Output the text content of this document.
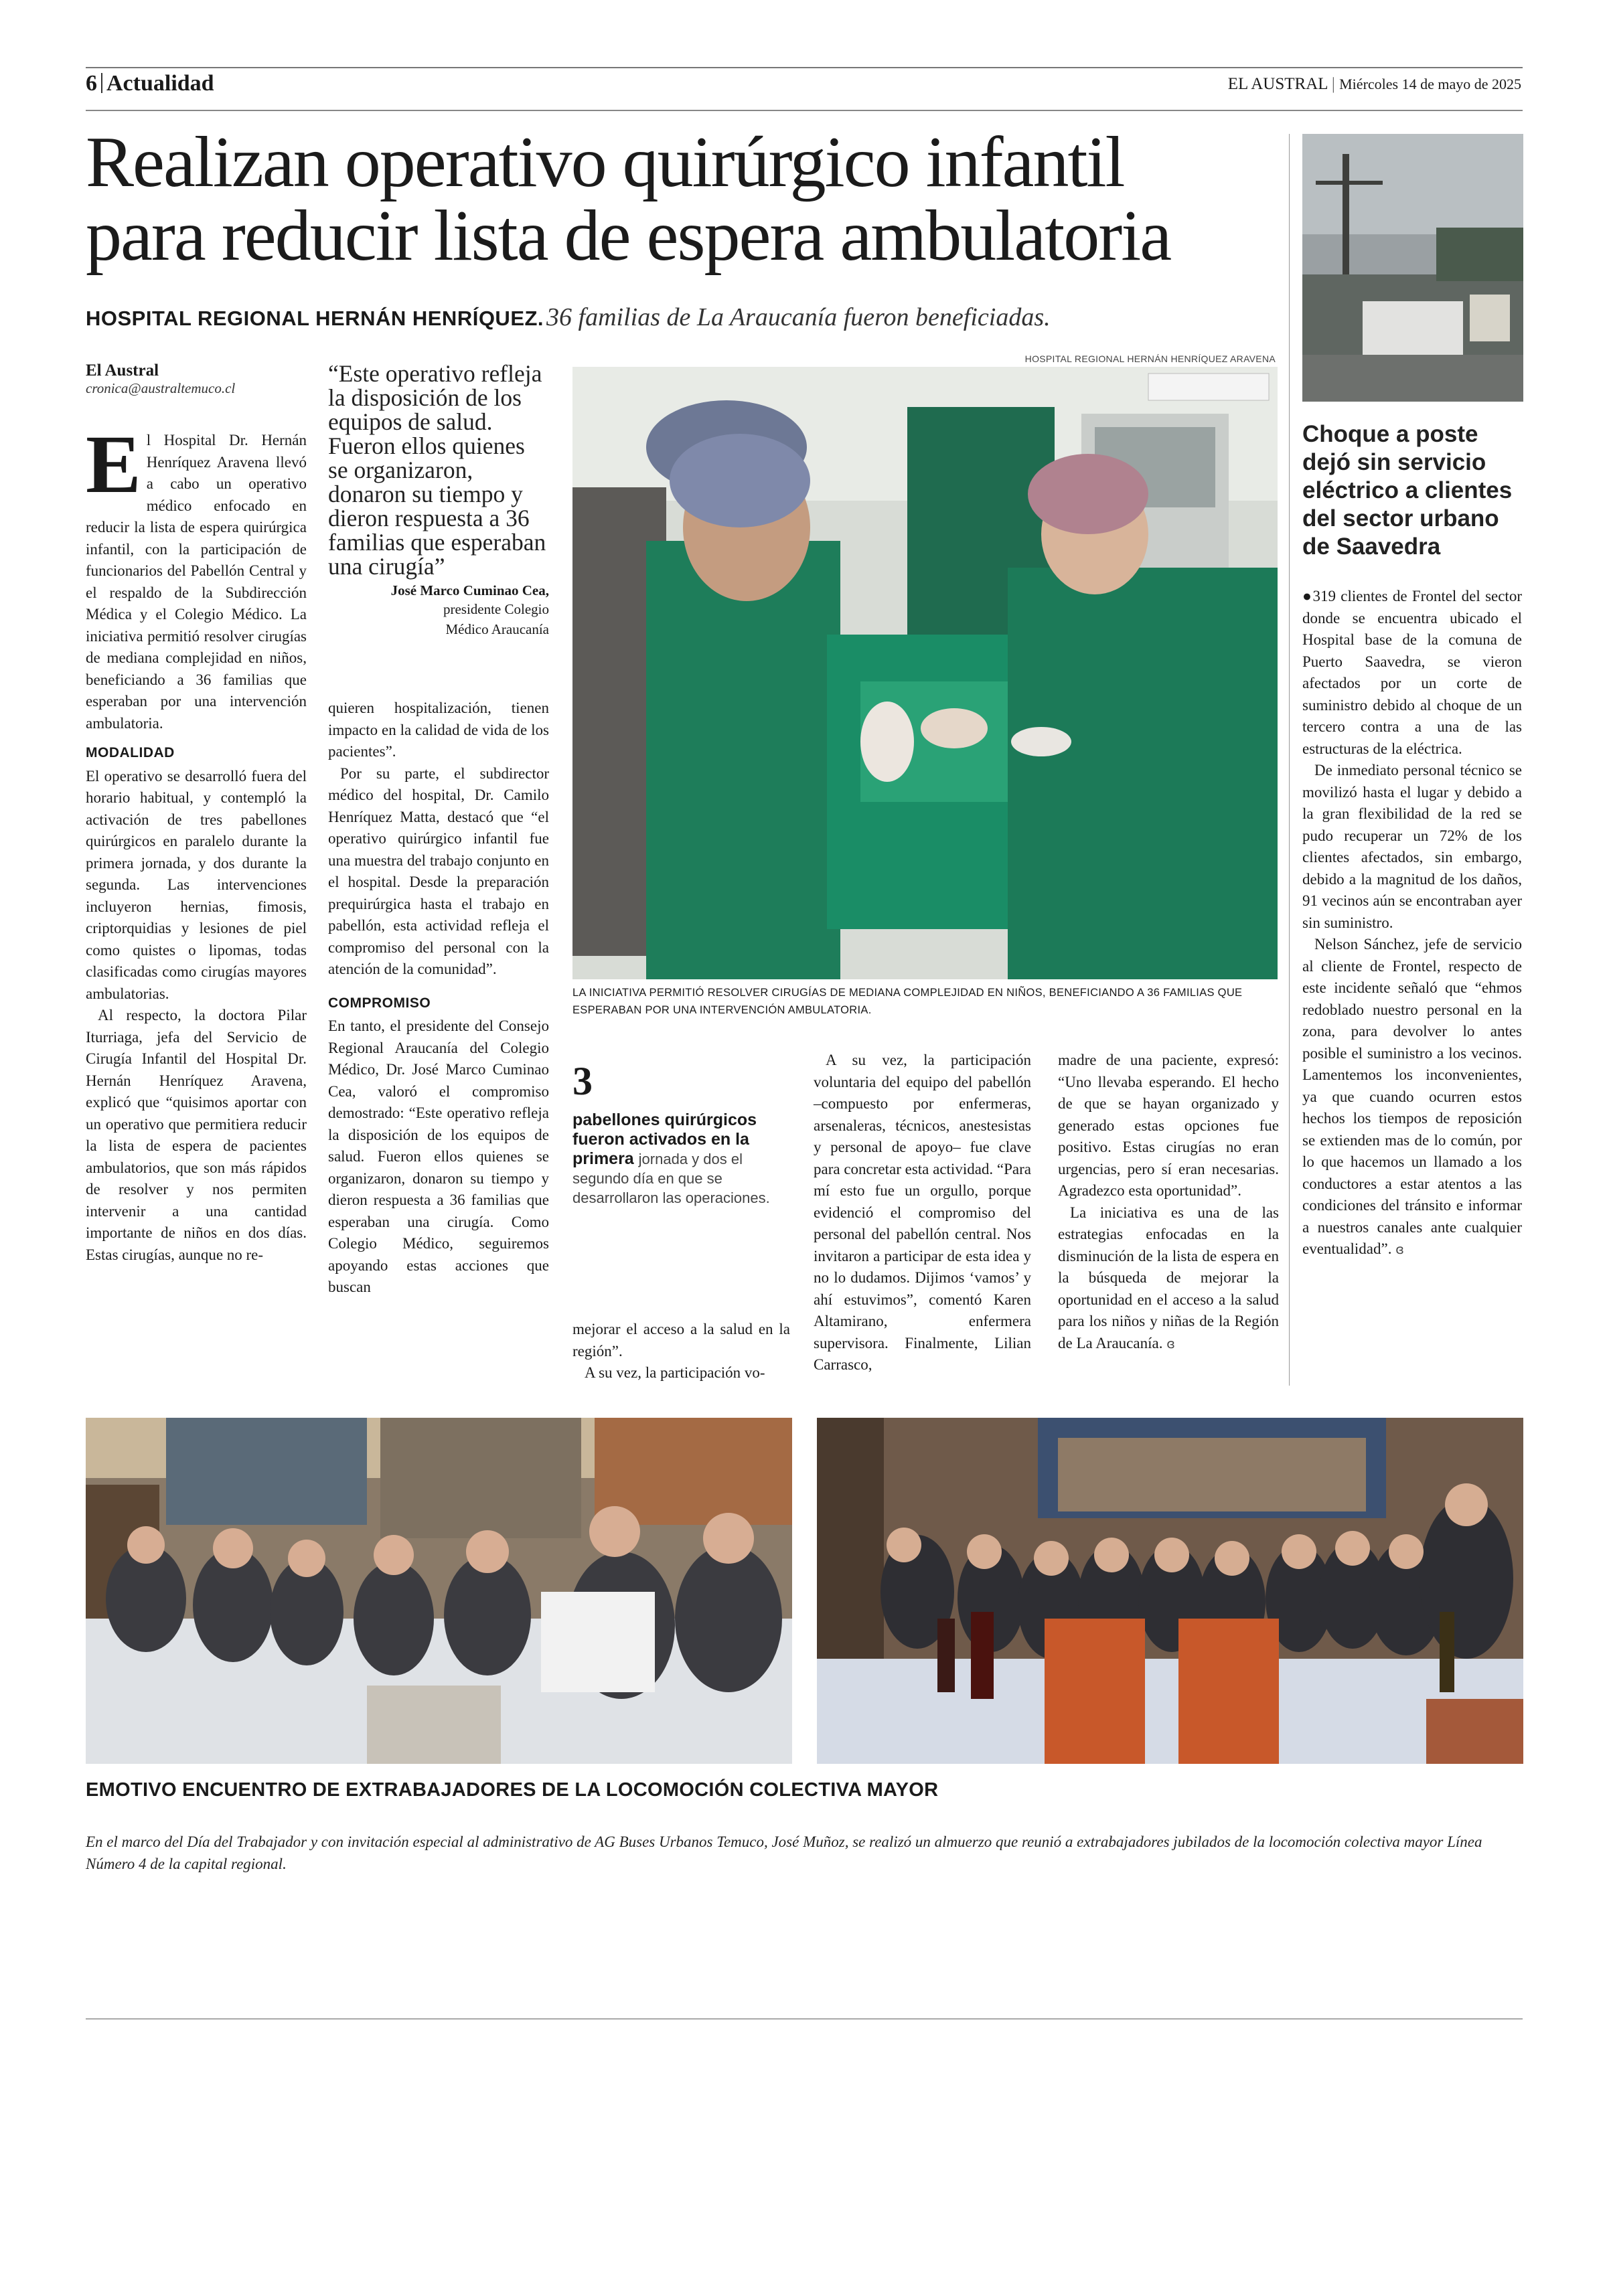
6 Actualidad	EL AUSTRAL | Miércoles 14 de mayo de 2025
Realizan operativo quirúrgico infantil
para reducir lista de espera ambulatoria
HOSPITAL REGIONAL HERNÁN HENRÍQUEZ. 36 familias de La Araucanía fueron beneficiadas.
El Austral
cronica@australtemuco.cl

El Hospital Dr. Hernán Henríquez Aravena llevó a cabo un operativo médico enfocado en reducir la lista de espera quirúrgica infantil, con la participación de funcionarios del Pabellón Central y el respaldo de la Subdirección Médica y el Colegio Médico. La iniciativa permitió resolver cirugías de mediana complejidad en niños, beneficiando a 36 familias que esperaban por una intervención ambulatoria.

MODALIDAD

El operativo se desarrolló fuera del horario habitual, y contempló la activación de tres pabellones quirúrgicos en paralelo durante la primera jornada, y dos durante la segunda. Las intervenciones incluyeron hernias, fimosis, criptorquidias y lesiones de piel como quistes o lipomas, todas clasificadas como cirugías mayores ambulatorias.

Al respecto, la doctora Pilar Iturriaga, jefa del Servicio de Cirugía Infantil del Hospital Dr. Hernán Henríquez Aravena, explicó que “quisimos aportar con un operativo que permitiera reducir la lista de espera de pacientes ambulatorios, que son más rápidos de resolver y nos permiten intervenir a una cantidad importante de niños en dos días. Estas cirugías, aunque no re-

“Este operativo refleja la disposición de los equipos de salud. Fueron ellos quienes se organizaron, donaron su tiempo y dieron respuesta a 36 familias que esperaban una cirugía”
José Marco Cuminao Cea,
presidente Colegio
Médico Araucanía

quieren hospitalización, tienen impacto en la calidad de vida de los pacientes”.

Por su parte, el subdirector médico del hospital, Dr. Camilo Henríquez Matta, destacó que “el operativo quirúrgico infantil fue una muestra del trabajo conjunto en el hospital. Desde la preparación prequirúrgica hasta el trabajo en pabellón, esta actividad refleja el compromiso del personal con la atención de la comunidad”.

COMPROMISO

En tanto, el presidente del Consejo Regional Araucanía del Colegio Médico, Dr. José Marco Cuminao Cea, valoró el compromiso demostrado: “Este operativo refleja la disposición de los equipos de salud. Fueron ellos quienes se organizaron, donaron su tiempo y dieron respuesta a 36 familias que esperaban una cirugía. Como Colegio Médico, seguiremos apoyando estas acciones que buscan

HOSPITAL REGIONAL HERNÁN HENRÍQUEZ ARAVENA
LA INICIATIVA PERMITIÓ RESOLVER CIRUGÍAS DE MEDIANA COMPLEJIDAD EN NIÑOS, BENEFICIANDO A 36 FAMILIAS QUE ESPERABAN POR UNA INTERVENCIÓN AMBULATORIA.
3
pabellones quirúrgicos fueron activados en la primera jornada y dos el segundo día en que se desarrollaron las operaciones.

mejorar el acceso a la salud en la región”.

A su vez, la participación voluntaria del equipo del pabellón –compuesto por enfermeras, arsenaleras, técnicos, anestesistas y personal de apoyo– fue clave para concretar esta actividad. “Para mí esto fue un orgullo, porque evidenció el compromiso del personal del pabellón central. Nos invitaron a participar de esta idea y no lo dudamos. Dijimos ‘vamos’ y ahí estuvimos”, comentó Karen Altamirano, enfermera supervisora. Finalmente, Lilian Carrasco,

A su vez, la participación vo-

madre de una paciente, expresó: “Uno llevaba esperando. El hecho de que se hayan organizado y generado estas opciones fue positivo. Estas cirugías no eran urgencias, pero sí eran necesarias. Agradezco esta oportunidad”.

La iniciativa es una de las estrategias enfocadas en la disminución de la lista de espera en la búsqueda de mejorar la oportunidad en el acceso a la salud para los niños y niñas de la Región de La Araucanía. ɞ

Choque a poste dejó sin servicio eléctrico a clientes del sector urbano de Saavedra

●319 clientes de Frontel del sector donde se encuentra ubicado el Hospital base de la comuna de Puerto Saavedra, se vieron afectados por un corte de suministro debido al choque de un tercero contra a una de las estructuras de la eléctrica.

De inmediato personal técnico se movilizó hasta el lugar y debido a la gran flexibilidad de la red se pudo recuperar un 72% de los clientes afectados, sin embargo, debido a la magnitud de los daños, 91 vecinos aún se encontraban ayer sin suministro.

Nelson Sánchez, jefe de servicio al cliente de Frontel, respecto de este incidente señaló que “ehmos redoblado nuestro personal en la zona, para devolver lo antes posible el suministro a los vecinos. Lamentemos los inconvenientes, ya que cuando ocurren estos hechos los tiempos de reposición se extienden mas de lo común, por lo que hacemos un llamado a los conductores a estar atentos a las condiciones del tránsito e informar a nuestros canales ante cualquier eventualidad”. ɞ

EMOTIVO ENCUENTRO DE EXTRABAJADORES DE LA LOCOMOCIÓN COLECTIVA MAYOR
En el marco del Día del Trabajador y con invitación especial al administrativo de AG Buses Urbanos Temuco, José Muñoz, se realizó un almuerzo que reunió a extrabajadores jubilados de la locomoción colectiva mayor Línea Número 4 de la capital regional.
